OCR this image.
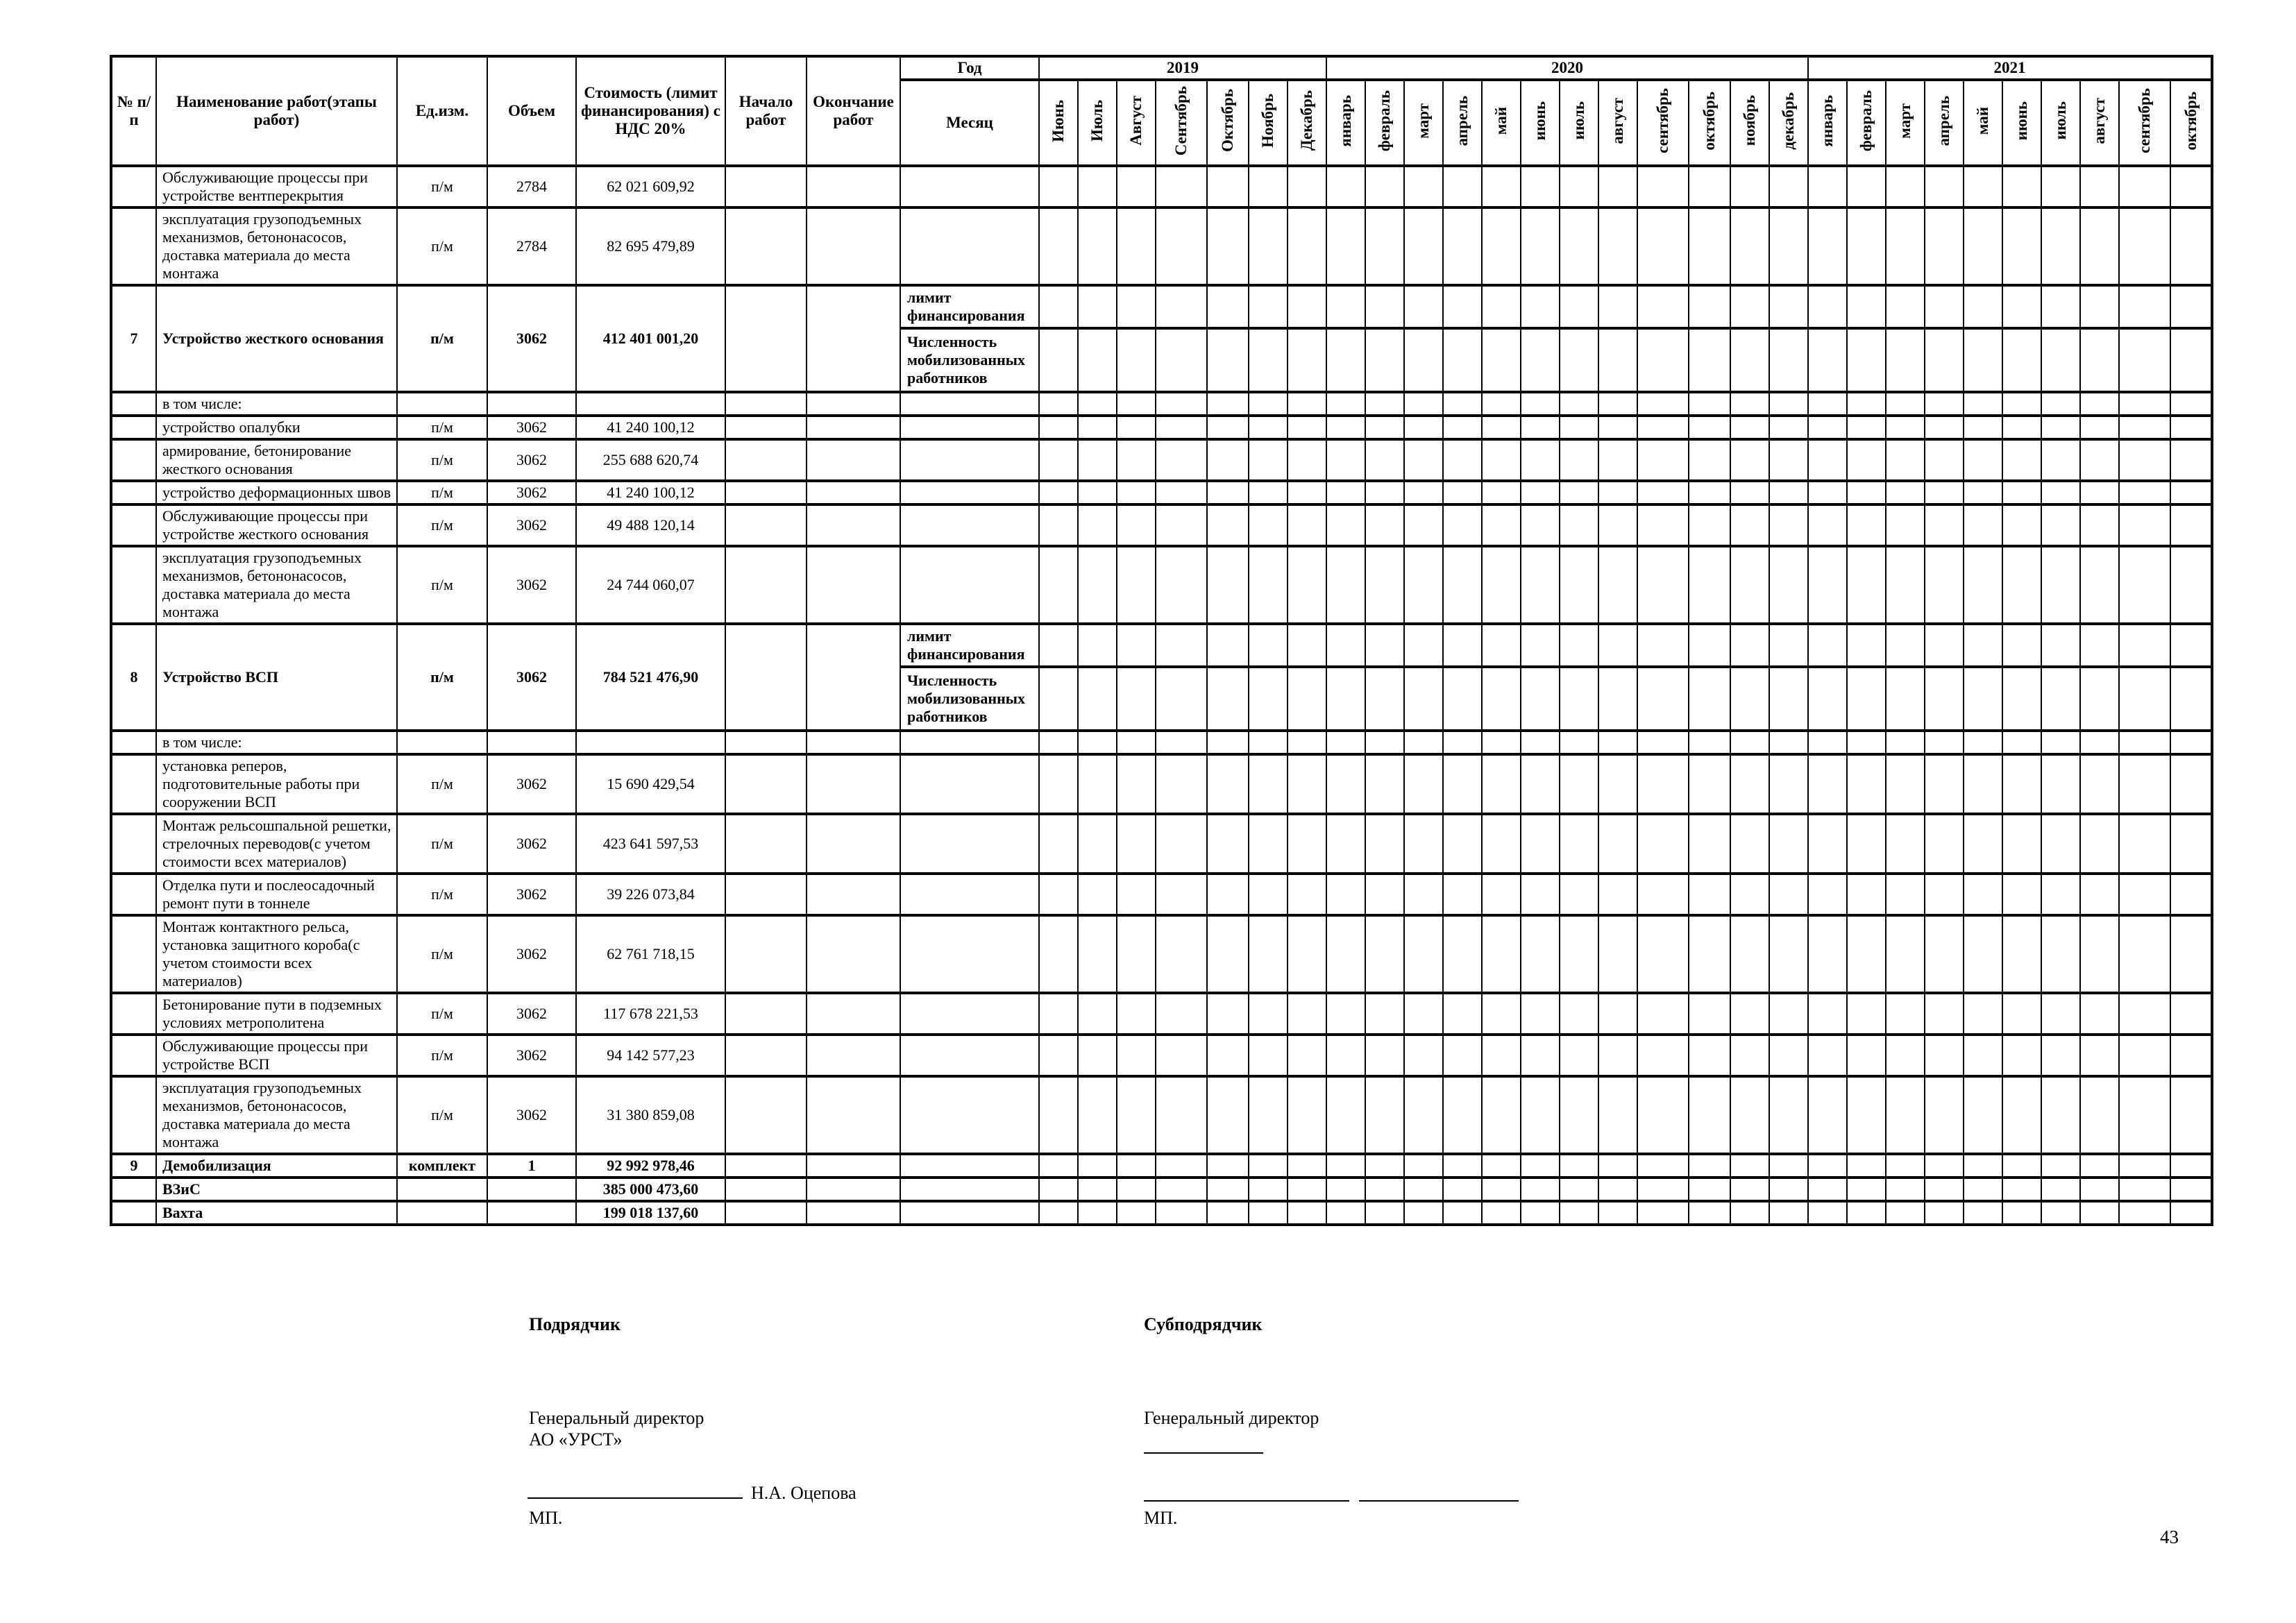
№ п/п	Наименование работ(этапы работ)	Ед.изм.	Объем	Стоимость (лимит финансирования) с НДС 20%	Начало работ	Окончание работ	Год	2019							2020												2021									
							Месяц	Июнь	Июль	Август	Сентябрь	Октябрь	Ноябрь	Декабрь	январь	февраль	март	апрель	май	июнь	июль	август	сентябрь	октябрь	ноябрь	декабрь	январь	февраль	март	апрель	май	июнь	июль	август	сентябрь	октябрь
	Обслуживающие процессы при устройстве вентперекрытия	п/м	2784	62 021 609,92																																
	эксплуатация грузоподъемных механизмов, бетононасосов, доставка материала до места монтажа	п/м	2784	82 695 479,89																																
7	Устройство жесткого основания	п/м	3062	412 401 001,20			лимит финансирования																													
							Численность мобилизованных работников																													
	в том числе:																																			
	устройство опалубки	п/м	3062	41 240 100,12																																
	армирование, бетонирование жесткого основания	п/м	3062	255 688 620,74																																
	устройство деформационных швов	п/м	3062	41 240 100,12																																
	Обслуживающие процессы при устройстве жесткого основания	п/м	3062	49 488 120,14																																
	эксплуатация грузоподъемных механизмов, бетононасосов, доставка материала до места монтажа	п/м	3062	24 744 060,07																																
8	Устройство ВСП	п/м	3062	784 521 476,90			лимит финансирования																													
							Численность мобилизованных работников																													
	в том числе:																																			
	установка реперов, подготовительные работы при сооружении ВСП	п/м	3062	15 690 429,54																																
	Монтаж рельсошпальной решетки, стрелочных переводов(с учетом стоимости всех материалов)	п/м	3062	423 641 597,53																																
	Отделка пути и послеосадочный ремонт пути в тоннеле	п/м	3062	39 226 073,84																																
	Монтаж контактного рельса, установка защитного короба(с учетом стоимости всех материалов)	п/м	3062	62 761 718,15																																
	Бетонирование пути в подземных условиях метрополитена	п/м	3062	117 678 221,53																																
	Обслуживающие процессы при устройстве ВСП	п/м	3062	94 142 577,23																																
	эксплуатация грузоподъемных механизмов, бетононасосов, доставка материала до места монтажа	п/м	3062	31 380 859,08																																
9	Демобилизация	комплект	1	92 992 978,46																																
	ВЗиС			385 000 473,60																																
	Вахта			199 018 137,60																																
Подрядчик	Субподрядчик
Генеральный директор
АО «УРСТ»
Генеральный директор
Н.А. Оцепова
МП.	МП.
43
